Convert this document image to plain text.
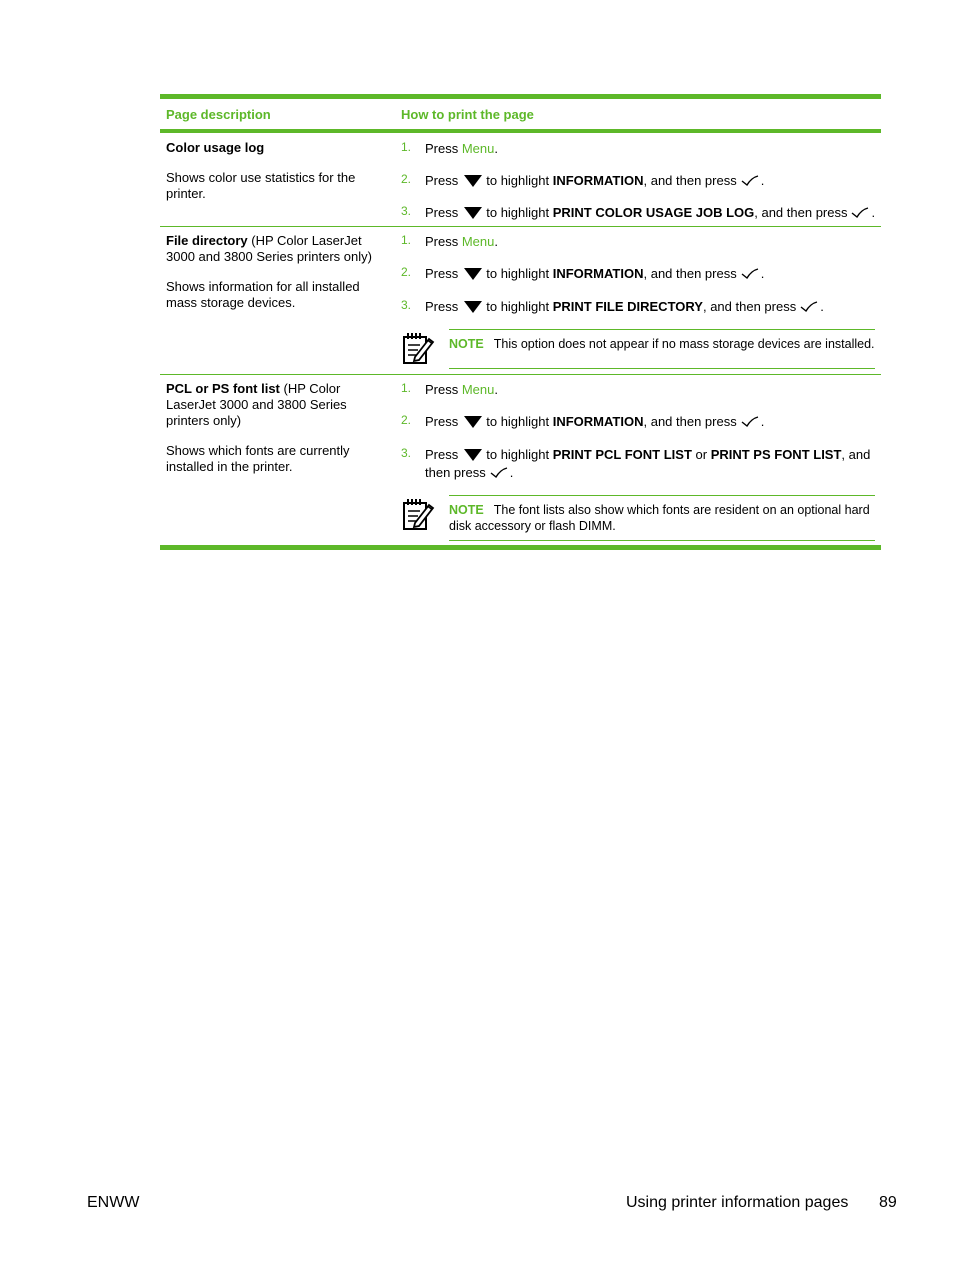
Page description	How to print the page

Color usage log

Shows color use statistics for the printer.

1. Press Menu.
2. Press to highlight INFORMATION, and then press .
3. Press to highlight PRINT COLOR USAGE JOB LOG, and then press .

File directory (HP Color LaserJet 3000 and 3800 Series printers only)

Shows information for all installed mass storage devices.

1. Press Menu.
2. Press to highlight INFORMATION, and then press .
3. Press to highlight PRINT FILE DIRECTORY, and then press .
NOTE This option does not appear if no mass storage devices are installed.

PCL or PS font list (HP Color LaserJet 3000 and 3800 Series printers only)

Shows which fonts are currently installed in the printer.

1. Press Menu.
2. Press to highlight INFORMATION, and then press .
3. Press to highlight PRINT PCL FONT LIST or PRINT PS FONT LIST, and then press .
NOTE The font lists also show which fonts are resident on an optional hard disk accessory or flash DIMM.
ENWW	Using printer information pages 89
